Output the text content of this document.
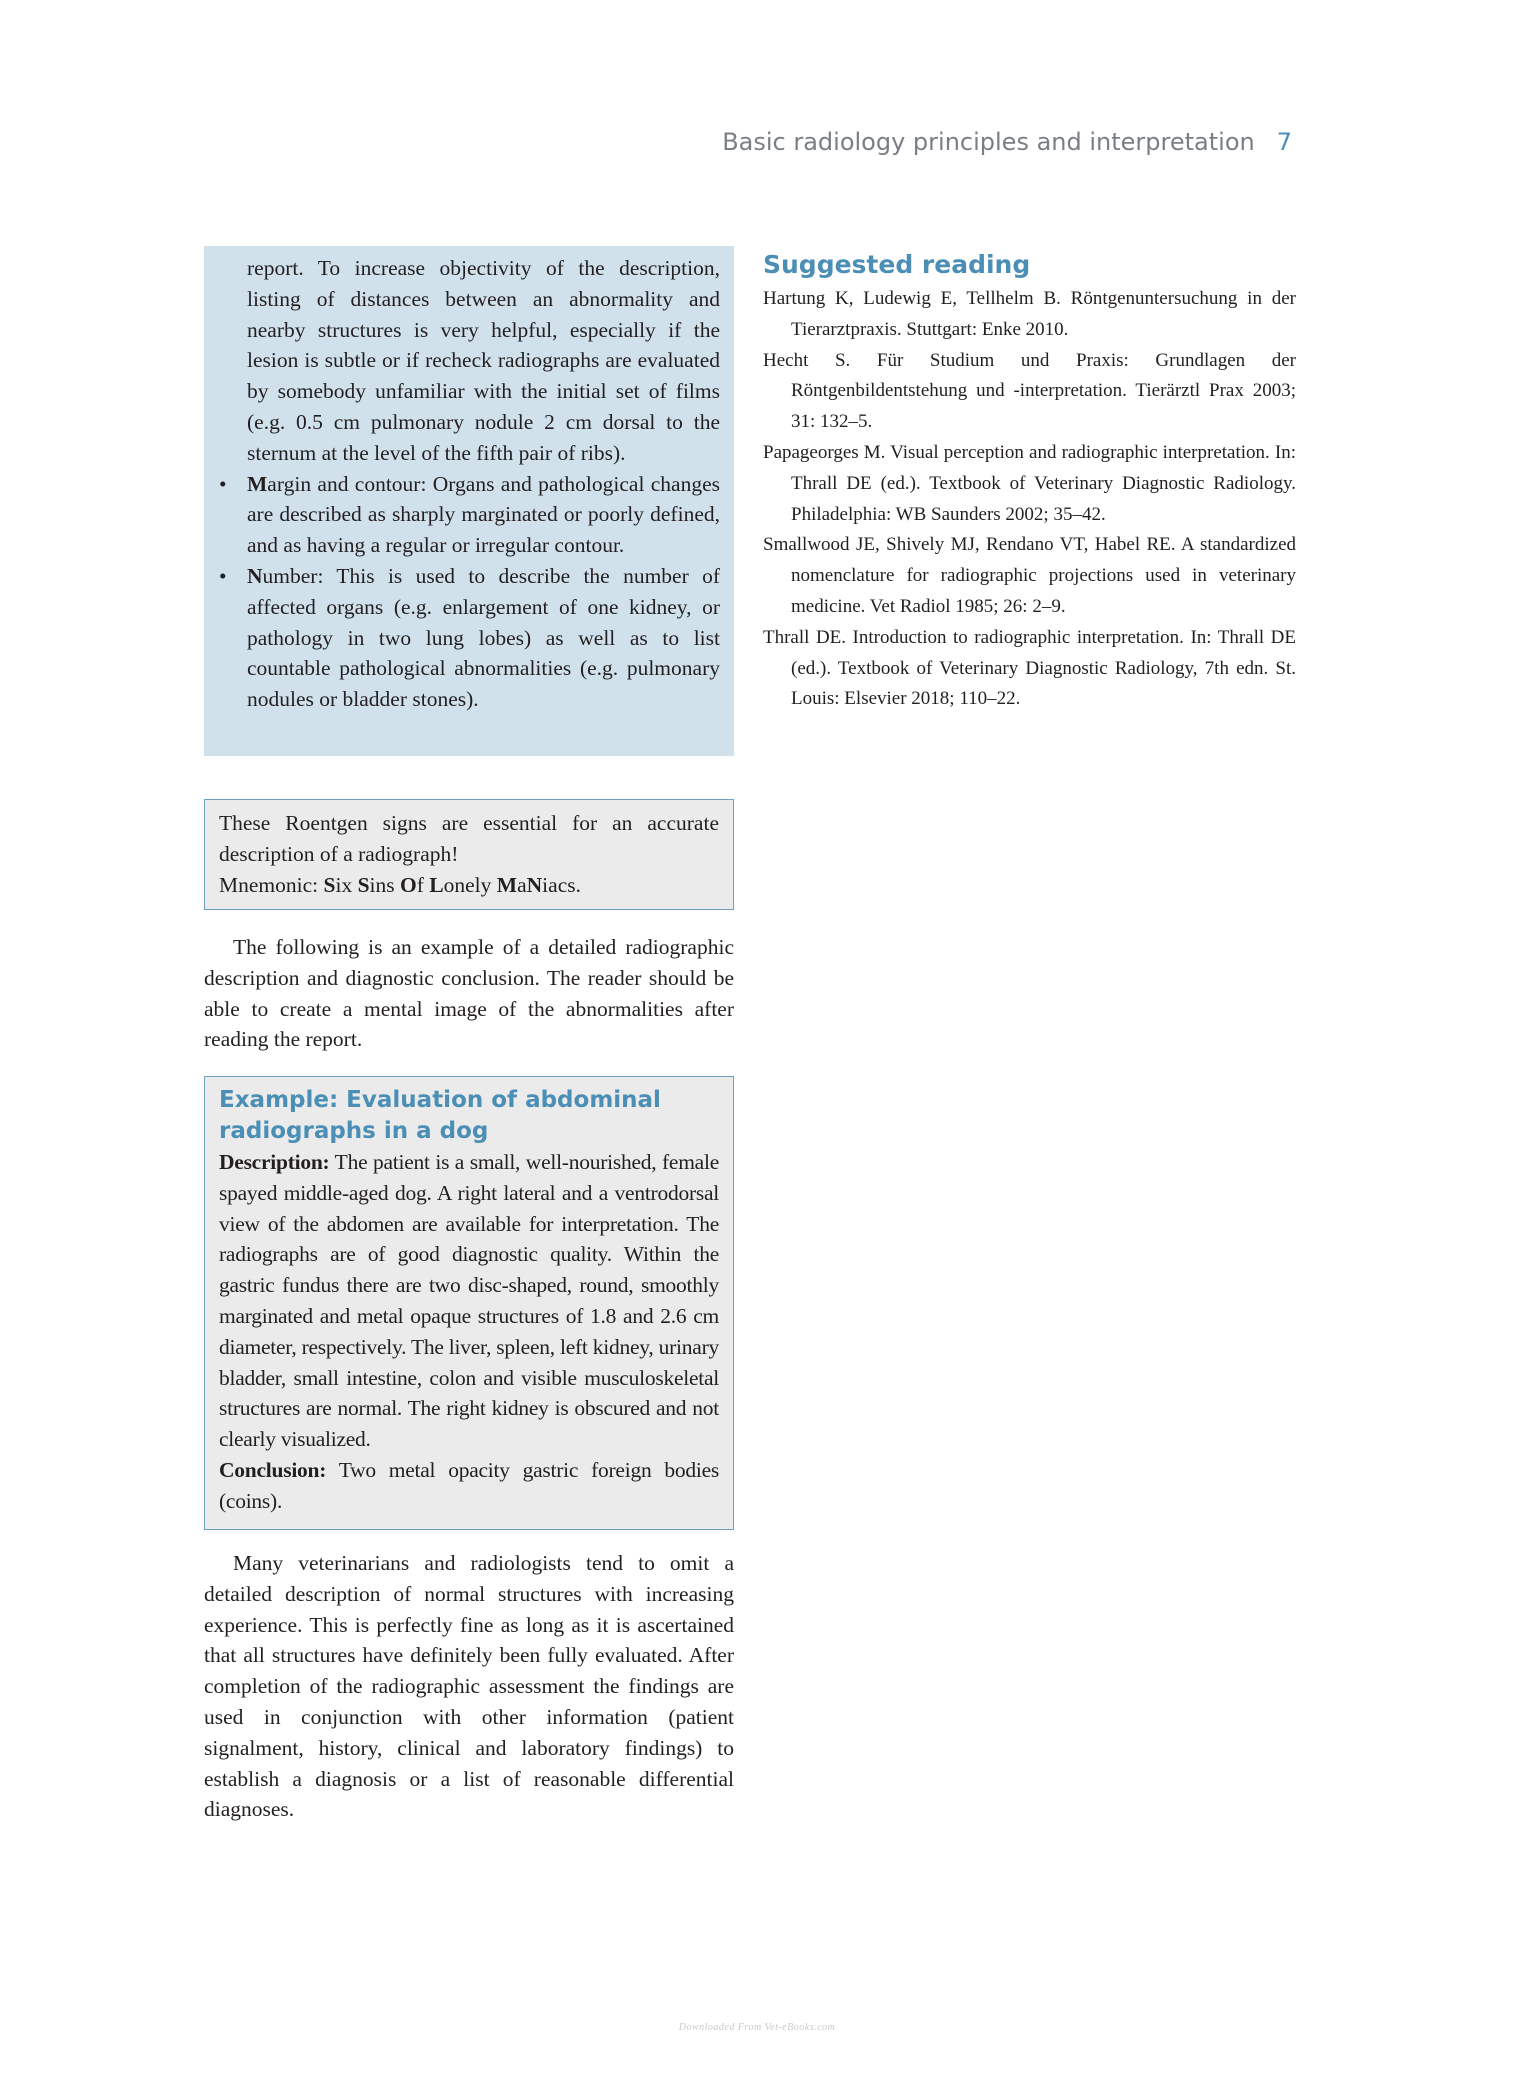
Basic radiology principles and interpretation 7

report. To increase objectivity of the description, listing of distances between an abnormality and nearby structures is very helpful, especially if the lesion is subtle or if recheck radiographs are evaluated by somebody unfamiliar with the initial set of films (e.g. 0.5 cm pulmonary nodule 2 cm dorsal to the sternum at the level of the fifth pair of ribs).

• Margin and contour: Organs and pathological changes are described as sharply marginated or poorly defined, and as having a regular or irregular contour.
• Number: This is used to describe the number of affected organs (e.g. enlargement of one kidney, or pathology in two lung lobes) as well as to list countable pathological abnormalities (e.g. pulmonary nodules or bladder stones).

These Roentgen signs are essential for an accurate description of a radiograph!

Mnemonic: Six Sins Of Lonely MaNiacs.

The following is an example of a detailed radiographic description and diagnostic conclusion. The reader should be able to create a mental image of the abnormalities after reading the report.

Example: Evaluation of abdominal radiographs in a dog

Description: The patient is a small, well-nourished, female spayed middle-aged dog. A right lateral and a ventrodorsal view of the abdomen are available for interpretation. The radiographs are of good diagnostic quality. Within the gastric fundus there are two disc-shaped, round, smoothly marginated and metal opaque structures of 1.8 and 2.6 cm diameter, respectively. The liver, spleen, left kidney, urinary bladder, small intestine, colon and visible musculoskeletal structures are normal. The right kidney is obscured and not clearly visualized.

Conclusion: Two metal opacity gastric foreign bodies (coins).

Many veterinarians and radiologists tend to omit a detailed description of normal structures with increasing experience. This is perfectly fine as long as it is ascertained that all structures have definitely been fully evaluated. After completion of the radiographic assessment the findings are used in conjunction with other information (patient signalment, history, clinical and laboratory findings) to establish a diagnosis or a list of reasonable differential diagnoses.

Suggested reading

Hartung K, Ludewig E, Tellhelm B. Röntgenuntersuchung in der Tierarztpraxis. Stuttgart: Enke 2010.

Hecht S. Für Studium und Praxis: Grundlagen der Röntgenbildentstehung und -interpretation. Tierärztl Prax 2003; 31: 132–5.

Papageorges M. Visual perception and radiographic interpretation. In: Thrall DE (ed.). Textbook of Veterinary Diagnostic Radiology. Philadelphia: WB Saunders 2002; 35–42.

Smallwood JE, Shively MJ, Rendano VT, Habel RE. A standardized nomenclature for radiographic projections used in veterinary medicine. Vet Radiol 1985; 26: 2–9.

Thrall DE. Introduction to radiographic interpretation. In: Thrall DE (ed.). Textbook of Veterinary Diagnostic Radiology, 7th edn. St. Louis: Elsevier 2018; 110–22.

Downloaded From Vet-eBooks.com
